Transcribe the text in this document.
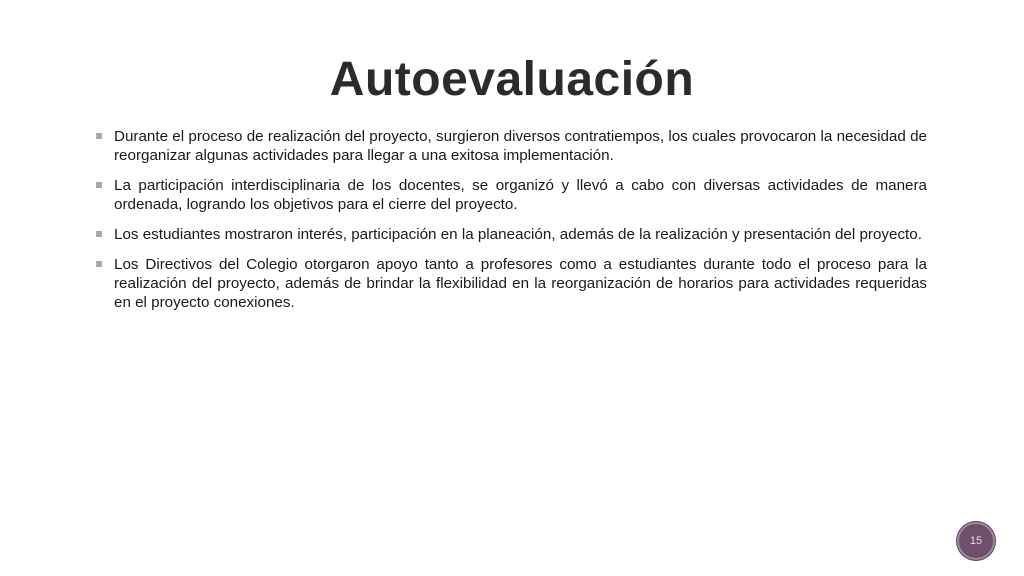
Autoevaluación
Durante el proceso de realización del proyecto, surgieron diversos contratiempos, los cuales provocaron la necesidad de reorganizar algunas actividades para llegar a una exitosa implementación.
La participación interdisciplinaria de los docentes, se organizó y llevó a cabo con diversas actividades de manera ordenada, logrando los objetivos para el cierre del proyecto.
Los estudiantes mostraron interés, participación en la planeación, además de la realización y presentación del proyecto.
Los Directivos del Colegio otorgaron apoyo tanto a profesores como a estudiantes durante todo el proceso para la realización del proyecto, además de brindar la flexibilidad en la reorganización de horarios para actividades requeridas en el proyecto conexiones.
15
